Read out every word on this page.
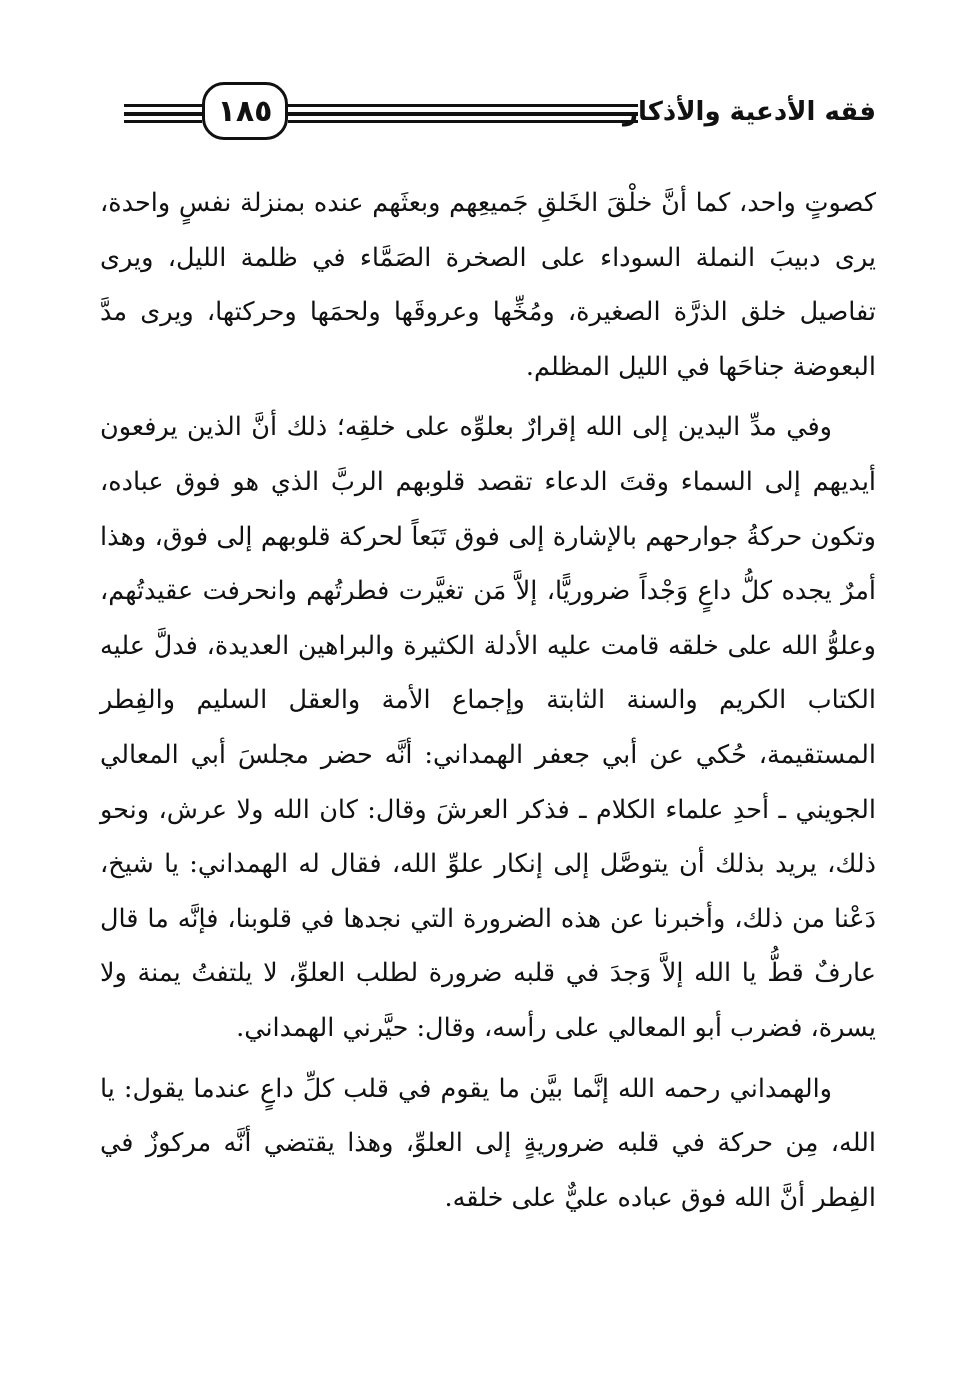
١٨٥	فقه الأدعية والأذكار

كصوتٍ واحد، كما أنَّ خلْقَ الخَلقِ جَميعِهم وبعثَهم عنده بمنزلة نفسٍ واحدة، يرى دبيبَ النملة السوداء على الصخرة الصَمَّاء في ظلمة الليل، ويرى تفاصيل خلق الذرَّة الصغيرة، ومُخِّها وعروقَها ولحمَها وحركتها، ويرى مدَّ البعوضة جناحَها في الليل المظلم.

وفي مدِّ اليدين إلى الله إقرارٌ بعلوِّه على خلقِه؛ ذلك أنَّ الذين يرفعون أيديهم إلى السماء وقتَ الدعاء تقصد قلوبهم الربَّ الذي هو فوق عباده، وتكون حركةُ جوارحهم بالإشارة إلى فوق تَبَعاً لحركة قلوبهم إلى فوق، وهذا أمرٌ يجده كلُّ داعٍ وَجْداً ضروريًّا، إلاَّ مَن تغيَّرت فطرتُهم وانحرفت عقيدتُهم، وعلوُّ الله على خلقه قامت عليه الأدلة الكثيرة والبراهين العديدة، فدلَّ عليه الكتاب الكريم والسنة الثابتة وإجماع الأمة والعقل السليم والفِطر المستقيمة، حُكي عن أبي جعفر الهمداني: أنَّه حضر مجلسَ أبي المعالي الجويني ـ أحدِ علماء الكلام ـ فذكر العرشَ وقال: كان الله ولا عرش، ونحو ذلك، يريد بذلك أن يتوصَّل إلى إنكار علوِّ الله، فقال له الهمداني: يا شيخ، دَعْنا من ذلك، وأخبرنا عن هذه الضرورة التي نجدها في قلوبنا، فإنَّه ما قال عارفٌ قطُّ يا الله إلاَّ وَجدَ في قلبه ضرورة لطلب العلوِّ، لا يلتفتُ يمنة ولا يسرة، فضرب أبو المعالي على رأسه، وقال: حيَّرني الهمداني.

والهمداني رحمه الله إنَّما بيَّن ما يقوم في قلب كلِّ داعٍ عندما يقول: يا الله، مِن حركة في قلبه ضروريةٍ إلى العلوِّ، وهذا يقتضي أنَّه مركوزٌ في الفِطر أنَّ الله فوق عباده عليٌّ على خلقه.
